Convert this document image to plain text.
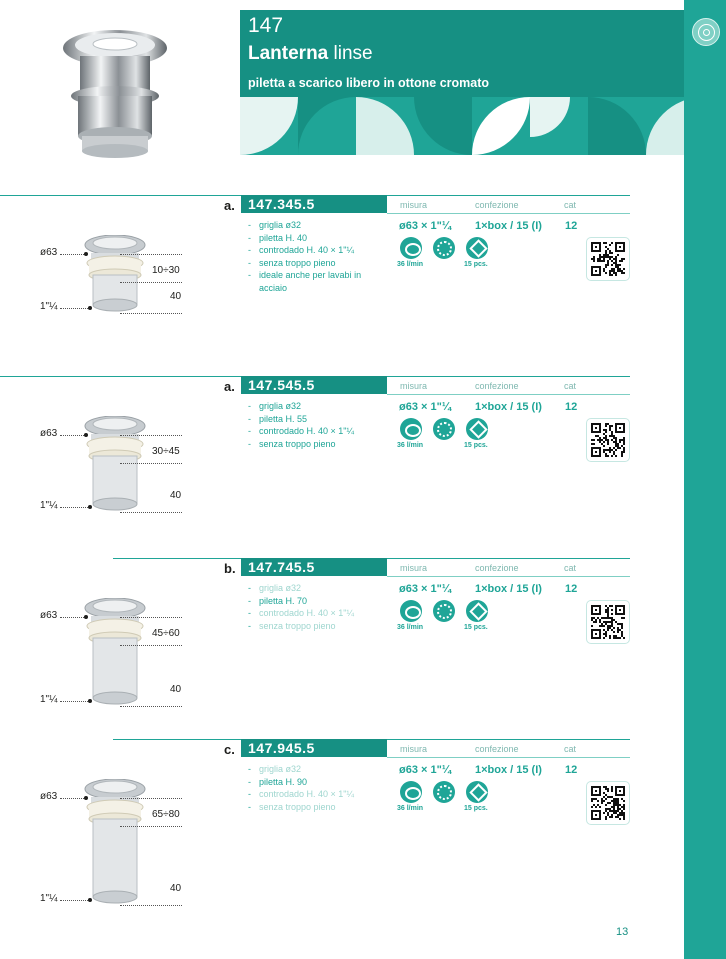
147
Lanterna linse
piletta a scarico libero in ottone cromato
a. 147.345.5	misura	confezione	cat
- griglia ø32
- piletta H. 40
- controdado H. 40 × 1"¼
- senza troppo pieno
- ideale anche per lavabi in acciaio
ø63 × 1"¼ 1×box / 15 (I) 12
36 l/min	15 pcs.
ø63
10÷30
40
1"¼
a. 147.545.5	misura	confezione	cat
- griglia ø32
- piletta H. 55
- controdado H. 40 × 1"¼
- senza troppo pieno
ø63 × 1"¼ 1×box / 15 (I) 12
36 l/min	15 pcs.
ø63
30÷45
40
1"¼
b. 147.745.5	misura	confezione	cat
- griglia ø32
- piletta H. 70
- controdado H. 40 × 1"¼
- senza troppo pieno
ø63 × 1"¼ 1×box / 15 (I) 12
36 l/min	15 pcs.
ø63
45÷60
40
1"¼
c. 147.945.5	misura	confezione	cat
- griglia ø32
- piletta H. 90
- controdado H. 40 × 1"¼
- senza troppo pieno
ø63 × 1"¼ 1×box / 15 (I) 12
36 l/min	15 pcs.
ø63
65÷80
40
1"¼
13
